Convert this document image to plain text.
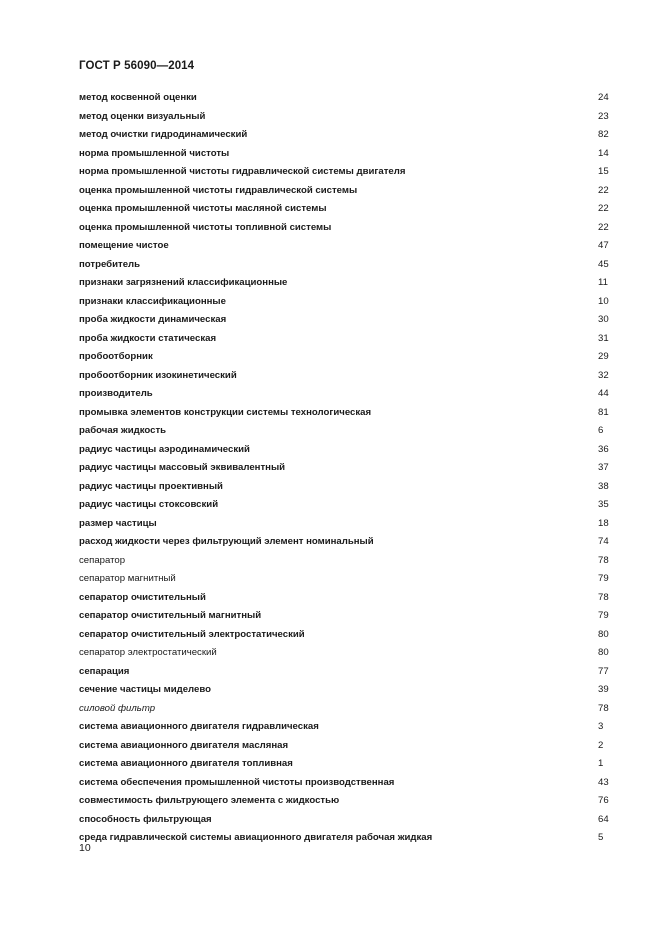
ГОСТ Р 56090—2014
метод косвенной оценки	24
метод оценки визуальный	23
метод очистки гидродинамический	82
норма промышленной чистоты	14
норма промышленной чистоты гидравлической системы двигателя	15
оценка промышленной чистоты гидравлической системы	22
оценка промышленной чистоты масляной системы	22
оценка промышленной чистоты топливной системы	22
помещение чистое	47
потребитель	45
признаки загрязнений классификационные	11
признаки классификационные	10
проба жидкости динамическая	30
проба жидкости статическая	31
пробоотборник	29
пробоотборник изокинетический	32
производитель	44
промывка элементов конструкции системы технологическая	81
рабочая жидкость	6
радиус частицы аэродинамический	36
радиус частицы массовый эквивалентный	37
радиус частицы проективный	38
радиус частицы стоксовский	35
размер частицы	18
расход жидкости через фильтрующий элемент номинальный	74
сепаратор	78
сепаратор магнитный	79
сепаратор очистительный	78
сепаратор очистительный магнитный	79
сепаратор очистительный электростатический	80
сепаратор электростатический	80
сепарация	77
сечение частицы миделево	39
силовой фильтр	78
система авиационного двигателя гидравлическая	3
система авиационного двигателя масляная	2
система авиационного двигателя топливная	1
система обеспечения промышленной чистоты производственная	43
совместимость фильтрующего элемента с жидкостью	76
способность фильтрующая	64
среда гидравлической системы авиационного двигателя рабочая жидкая	5
10
